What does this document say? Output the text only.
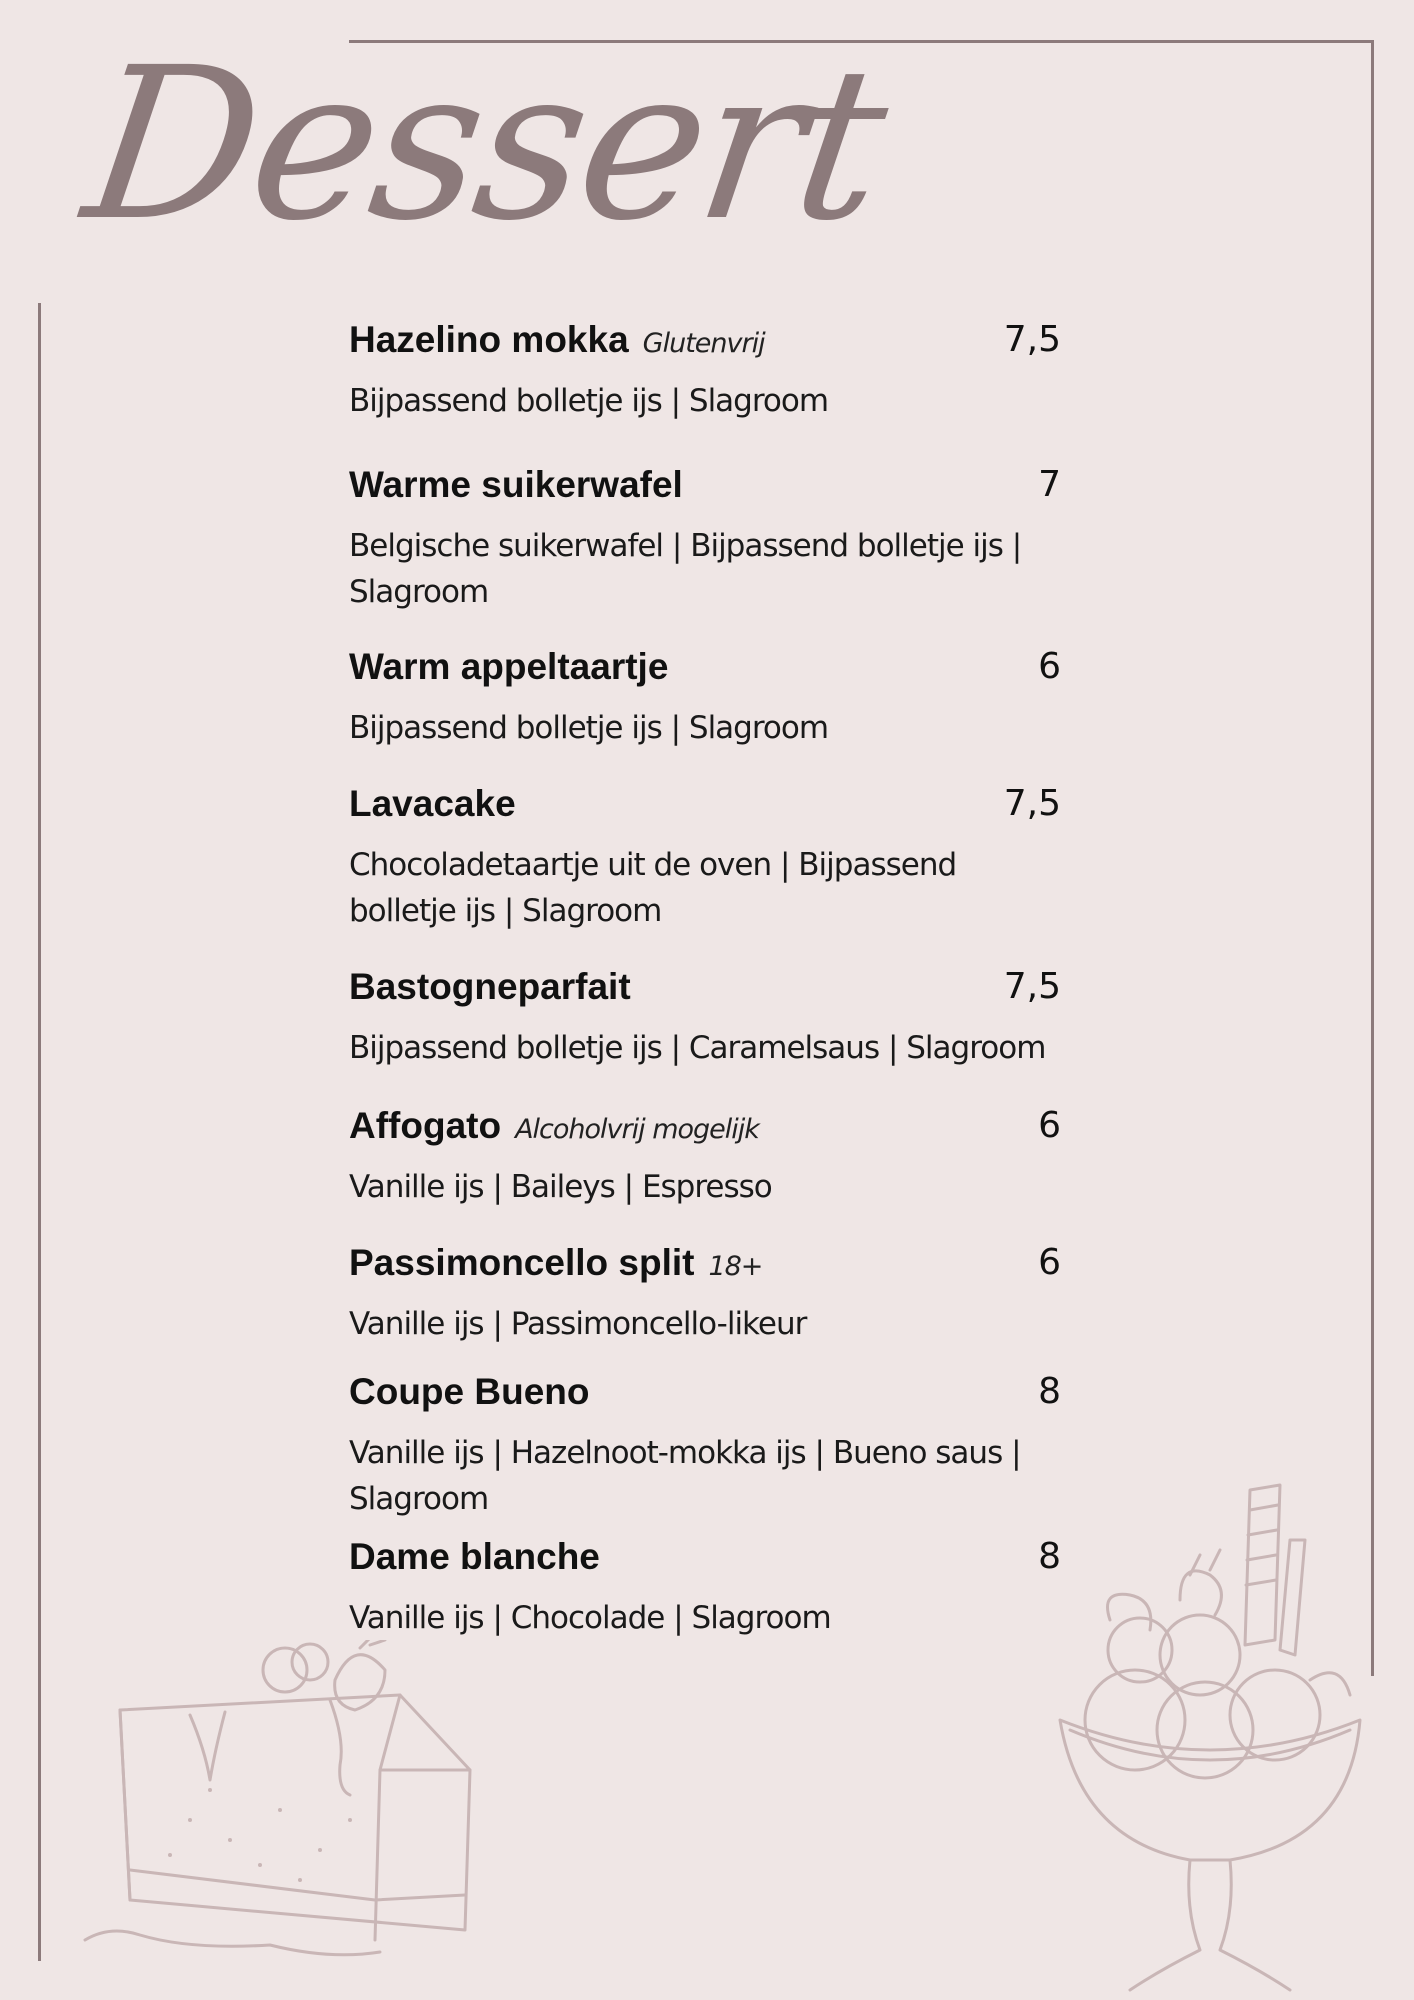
Dessert
Hazelino mokka Glutenvrij	7,5
Bijpassend bolletje ijs | Slagroom
Warme suikerwafel	7
Belgische suikerwafel | Bijpassend bolletje ijs | Slagroom
Warm appeltaartje	6
Bijpassend bolletje ijs | Slagroom
Lavacake	7,5
Chocoladetaartje uit de oven | Bijpassend bolletje ijs | Slagroom
Bastogneparfait	7,5
Bijpassend bolletje ijs | Caramelsaus | Slagroom
Affogato Alcoholvrij mogelijk	6
Vanille ijs | Baileys | Espresso
Passimoncello split 18+	6
Vanille ijs | Passimoncello-likeur
Coupe Bueno	8
Vanille ijs | Hazelnoot-mokka ijs | Bueno saus | Slagroom
Dame blanche	8
Vanille ijs | Chocolade | Slagroom
